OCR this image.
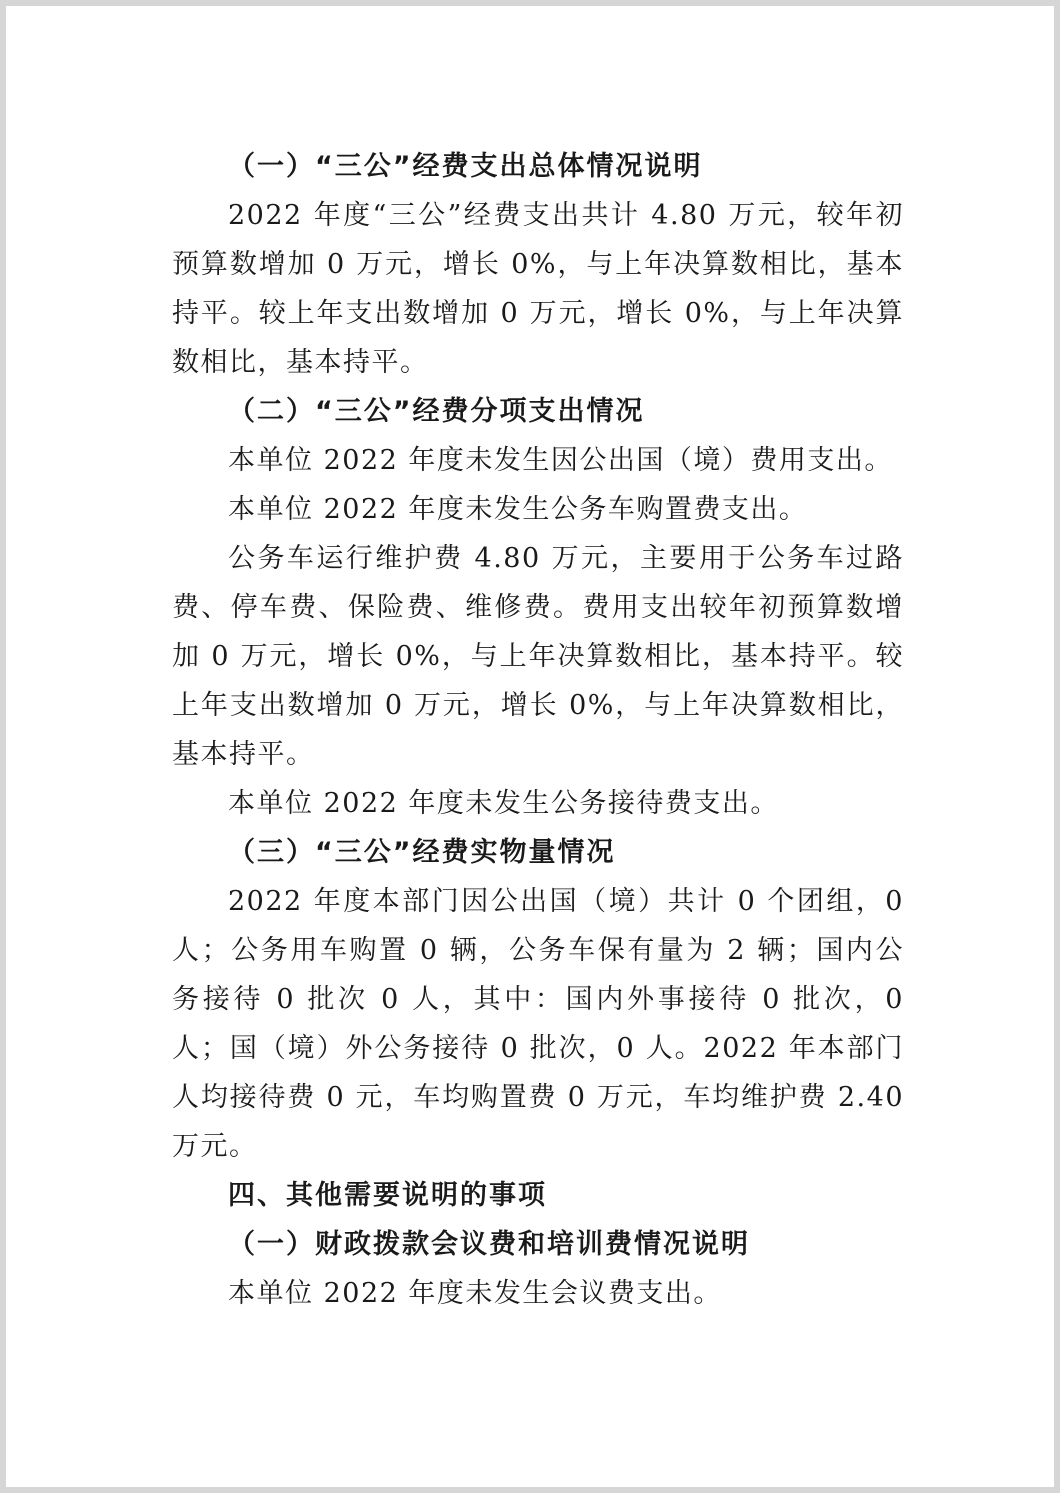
（一）“三公”经费支出总体情况说明

2022 年度“三公”经费支出共计 4.80 万元，较年初预算数增加 0 万元，增长 0%，与上年决算数相比，基本持平。较上年支出数增加 0 万元，增长 0%，与上年决算数相比，基本持平。

（二）“三公”经费分项支出情况

本单位 2022 年度未发生因公出国（境）费用支出。

本单位 2022 年度未发生公务车购置费支出。

公务车运行维护费 4.80 万元，主要用于公务车过路费、停车费、保险费、维修费。费用支出较年初预算数增加 0 万元，增长 0%，与上年决算数相比，基本持平。较上年支出数增加 0 万元，增长 0%，与上年决算数相比，基本持平。

本单位 2022 年度未发生公务接待费支出。

（三）“三公”经费实物量情况

2022 年度本部门因公出国（境）共计 0 个团组，0 人；公务用车购置 0 辆，公务车保有量为 2 辆；国内公务接待 0 批次 0 人，其中：国内外事接待 0 批次，0 人；国（境）外公务接待 0 批次，0 人。2022 年本部门人均接待费 0 元，车均购置费 0 万元，车均维护费 2.40 万元。

四、其他需要说明的事项

（一）财政拨款会议费和培训费情况说明

本单位 2022 年度未发生会议费支出。
